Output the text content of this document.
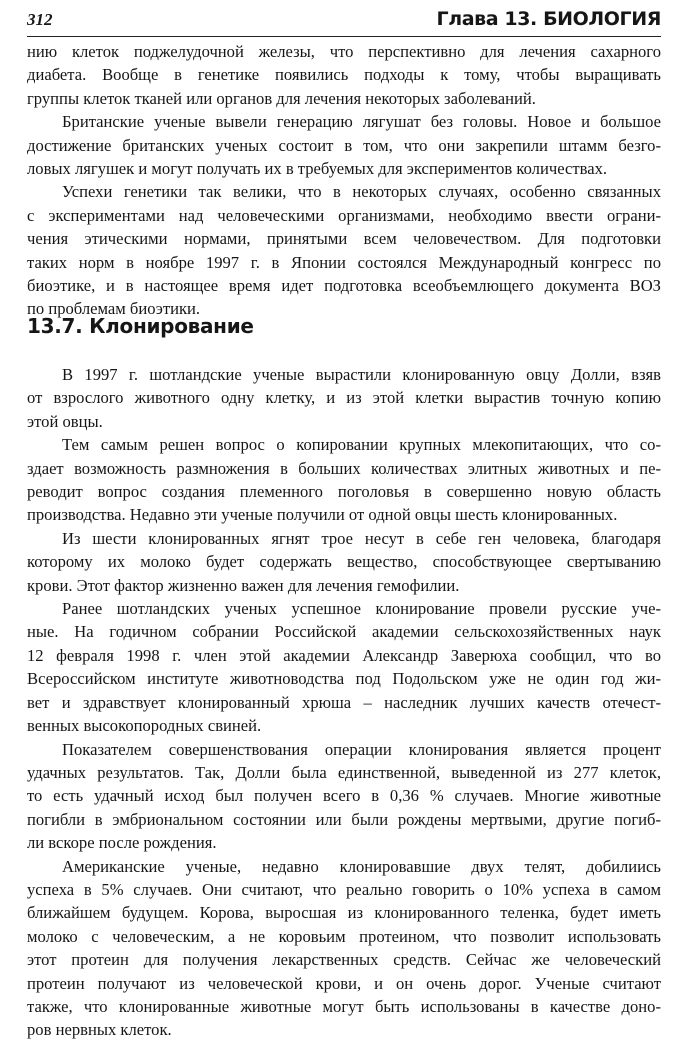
312	Глава 13. БИОЛОГИЯ

нию клеток поджелудочной железы, что перспективно для лечения сахарного
диабета. Вообще в генетике появились подходы к тому, чтобы выращивать
группы клеток тканей или органов для лечения некоторых заболеваний.

Британские ученые вывели генерацию лягушат без головы. Новое и большое
достижение британских ученых состоит в том, что они закрепили штамм безго-
ловых лягушек и могут получать их в требуемых для экспериментов количествах.

Успехи генетики так велики, что в некоторых случаях, особенно связанных
с экспериментами над человеческими организмами, необходимо ввести ограни-
чения этическими нормами, принятыми всем человечеством. Для подготовки
таких норм в ноябре 1997 г. в Японии состоялся Международный конгресс по
биоэтике, и в настоящее время идет подготовка всеобъемлющего документа ВОЗ
по проблемам биоэтики.

13.7. Клонирование

В 1997 г. шотландские ученые вырастили клонированную овцу Долли, взяв
от взрослого животного одну клетку, и из этой клетки вырастив точную копию
этой овцы.

Тем самым решен вопрос о копировании крупных млекопитающих, что со-
здает возможность размножения в больших количествах элитных животных и пе-
реводит вопрос создания племенного поголовья в совершенно новую область
производства. Недавно эти ученые получили от одной овцы шесть клонированных.

Из шести клонированных ягнят трое несут в себе ген человека, благодаря
которому их молоко будет содержать вещество, способствующее свертыванию
крови. Этот фактор жизненно важен для лечения гемофилии.

Ранее шотландских ученых успешное клонирование провели русские уче-
ные. На годичном собрании Российской академии сельскохозяйственных наук
12 февраля 1998 г. член этой академии Александр Заверюха сообщил, что во
Всероссийском институте животноводства под Подольском уже не один год жи-
вет и здравствует клонированный хрюша – наследник лучших качеств отечест-
венных высокопородных свиней.

Показателем совершенствования операции клонирования является процент
удачных результатов. Так, Долли была единственной, выведенной из 277 клеток,
то есть удачный исход был получен всего в 0,36 % случаев. Многие животные
погибли в эмбриональном состоянии или были рождены мертвыми, другие погиб-
ли вскоре после рождения.

Американские ученые, недавно клонировавшие двух телят, добилиись
успеха в 5% случаев. Они считают, что реально говорить о 10% успеха в самом
ближайшем будущем. Корова, выросшая из клонированного теленка, будет иметь
молоко с человеческим, а не коровьим протеином, что позволит использовать
этот протеин для получения лекарственных средств. Сейчас же человеческий
протеин получают из человеческой крови, и он очень дорог. Ученые считают
также, что клонированные животные могут быть использованы в качестве доно-
ров нервных клеток.
